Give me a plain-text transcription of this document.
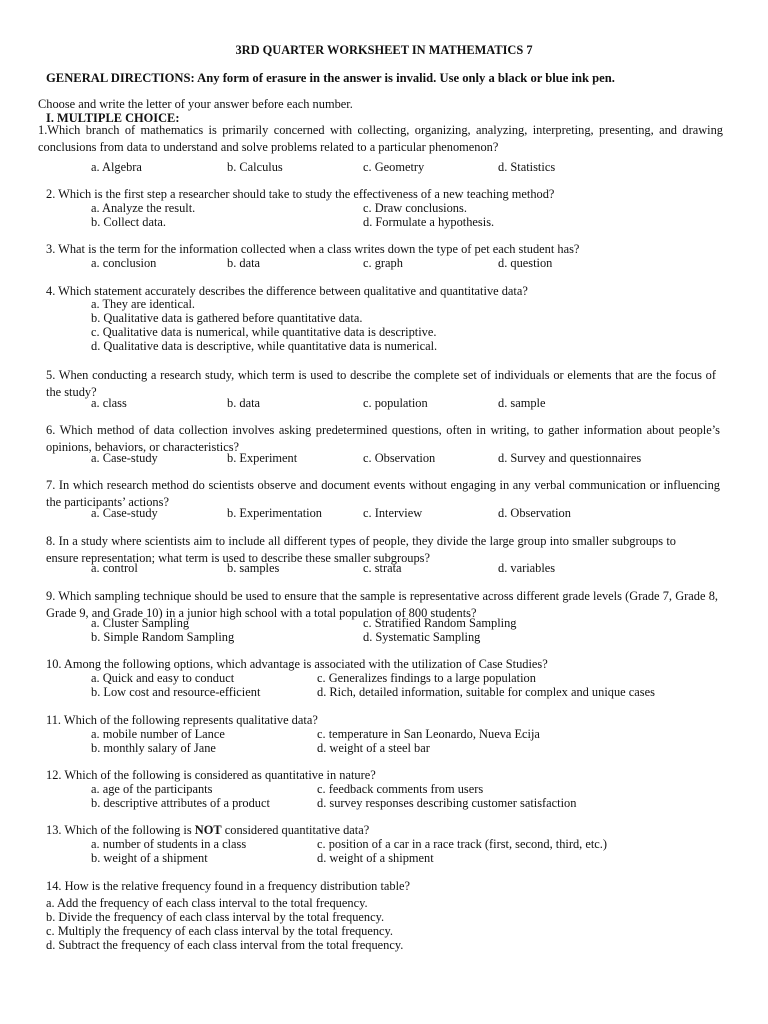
3RD QUARTER WORKSHEET IN MATHEMATICS 7
GENERAL DIRECTIONS: Any form of erasure in the answer is invalid. Use only a black or blue ink pen.
Choose and write the letter of your answer before each number.
I. MULTIPLE CHOICE:
1.Which branch of mathematics is primarily concerned with collecting, organizing, analyzing, interpreting, presenting, and drawing conclusions from data to understand and solve problems related to a particular phenomenon?
a. Algebra	b. Calculus	c. Geometry	d. Statistics
2. Which is the first step a researcher should take to study the effectiveness of a new teaching method?
a. Analyze the result.
b. Collect data.
c. Draw conclusions.
d. Formulate a hypothesis.
3. What is the term for the information collected when a class writes down the type of pet each student has?
a. conclusion	b. data	c. graph	d. question
4. Which statement accurately describes the difference between qualitative and quantitative data?
a. They are identical.
b. Qualitative data is gathered before quantitative data.
c. Qualitative data is numerical, while quantitative data is descriptive.
d. Qualitative data is descriptive, while quantitative data is numerical.
5. When conducting a research study, which term is used to describe the complete set of individuals or elements that are the focus of the study?
a. class	b. data	c. population	d. sample
6. Which method of data collection involves asking predetermined questions, often in writing, to gather information about people’s opinions, behaviors, or characteristics?
a. Case-study	b. Experiment	c. Observation	d. Survey and questionnaires
7. In which research method do scientists observe and document events without engaging in any verbal communication or influencing the participants’ actions?
a. Case-study	b. Experimentation	c. Interview	d. Observation
8. In a study where scientists aim to include all different types of people, they divide the large group into smaller subgroups to ensure representation; what term is used to describe these smaller subgroups?
a. control	b. samples	c. strata	d. variables
9. Which sampling technique should be used to ensure that the sample is representative across different grade levels (Grade 7, Grade 8, Grade 9, and Grade 10) in a junior high school with a total population of 800 students?
a. Cluster Sampling
b. Simple Random Sampling
c. Stratified Random Sampling
d. Systematic Sampling
10. Among the following options, which advantage is associated with the utilization of Case Studies?
a. Quick and easy to conduct
b. Low cost and resource-efficient
c. Generalizes findings to a large population
d. Rich, detailed information, suitable for complex and unique cases
11. Which of the following represents qualitative data?
a. mobile number of Lance
b. monthly salary of Jane
c. temperature in San Leonardo, Nueva Ecija
d. weight of a steel bar
12. Which of the following is considered as quantitative in nature?
a. age of the participants
b. descriptive attributes of a product
c. feedback comments from users
d. survey responses describing customer satisfaction
13. Which of the following is NOT considered quantitative data?
a. number of students in a class
b. weight of a shipment
c. position of a car in a race track (first, second, third, etc.)
d. weight of a shipment
14. How is the relative frequency found in a frequency distribution table?
a. Add the frequency of each class interval to the total frequency.
b. Divide the frequency of each class interval by the total frequency.
c. Multiply the frequency of each class interval by the total frequency.
d. Subtract the frequency of each class interval from the total frequency.
